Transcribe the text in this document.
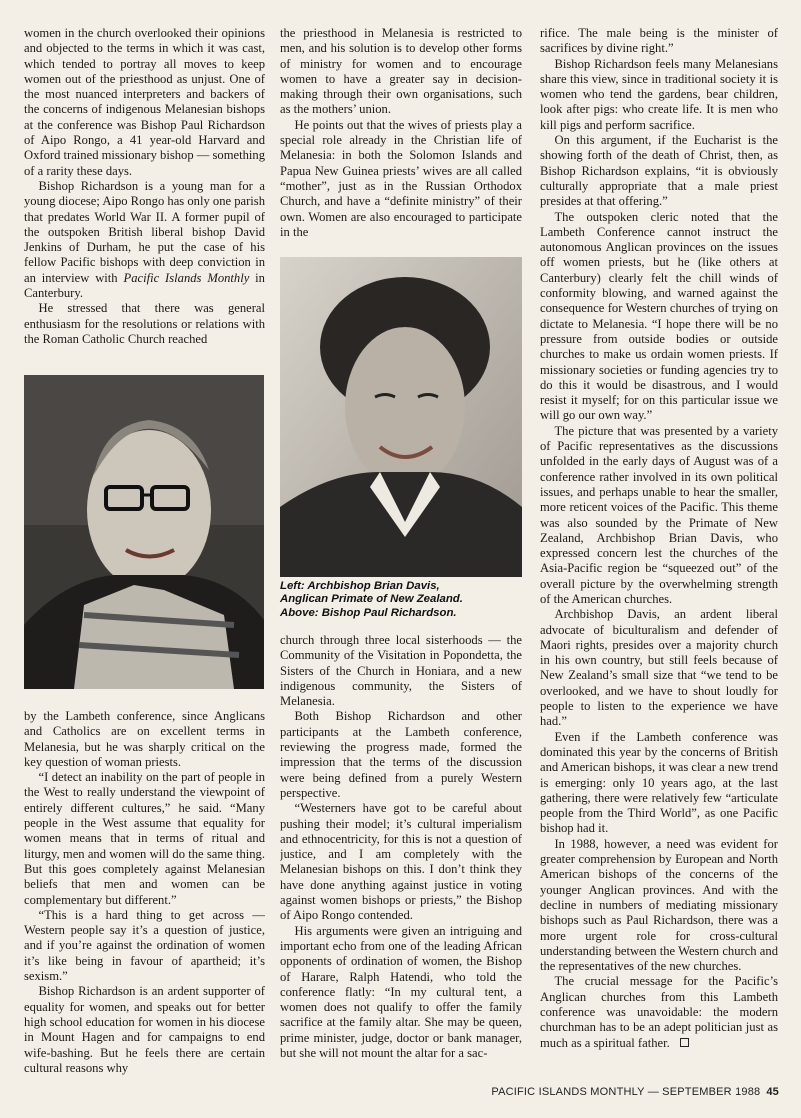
women in the church overlooked their opinions and objected to the terms in which it was cast, which tended to portray all moves to keep women out of the priesthood as unjust. One of the most nuanced interpreters and backers of the concerns of indigenous Melanesian bishops at the conference was Bishop Paul Richardson of Aipo Rongo, a 41 year-old Harvard and Oxford trained missionary bishop — something of a rarity these days.

Bishop Richardson is a young man for a young diocese; Aipo Rongo has only one parish that predates World War II. A former pupil of the outspoken British liberal bishop David Jenkins of Durham, he put the case of his fellow Pacific bishops with deep conviction in an interview with Pacific Islands Monthly in Canterbury.

He stressed that there was general enthusiasm for the resolutions or relations with the Roman Catholic Church reached

by the Lambeth conference, since Anglicans and Catholics are on excellent terms in Melanesia, but he was sharply critical on the key question of woman priests.

“I detect an inability on the part of people in the West to really understand the viewpoint of entirely different cultures,” he said. “Many people in the West assume that equality for women means that in terms of ritual and liturgy, men and women will do the same thing. But this goes completely against Melanesian beliefs that men and women can be complementary but different.”

“This is a hard thing to get across — Western people say it’s a question of justice, and if you’re against the ordination of women it’s like being in favour of apartheid; it’s sexism.”

Bishop Richardson is an ardent supporter of equality for women, and speaks out for better high school education for women in his diocese in Mount Hagen and for campaigns to end wife-bashing. But he feels there are certain cultural reasons why

the priesthood in Melanesia is restricted to men, and his solution is to develop other forms of ministry for women and to encourage women to have a greater say in decision-making through their own organisations, such as the mothers’ union.

He points out that the wives of priests play a special role already in the Christian life of Melanesia: in both the Solomon Islands and Papua New Guinea priests’ wives are all called “mother”, just as in the Russian Orthodox Church, and have a “definite ministry” of their own. Women are also encouraged to participate in the

Left: Archbishop Brian Davis,
Anglican Primate of New Zealand.
Above: Bishop Paul Richardson.

church through three local sisterhoods — the Community of the Visitation in Popondetta, the Sisters of the Church in Honiara, and a new indigenous community, the Sisters of Melanesia.

Both Bishop Richardson and other participants at the Lambeth conference, reviewing the progress made, formed the impression that the terms of the discussion were being defined from a purely Western perspective.

“Westerners have got to be careful about pushing their model; it’s cultural imperialism and ethnocentricity, for this is not a question of justice, and I am completely with the Melanesian bishops on this. I don’t think they have done anything against justice in voting against women bishops or priests,” the Bishop of Aipo Rongo contended.

His arguments were given an intriguing and important echo from one of the leading African opponents of ordination of women, the Bishop of Harare, Ralph Hatendi, who told the conference flatly: “In my cultural tent, a women does not qualify to offer the family sacrifice at the family altar. She may be queen, prime minister, judge, doctor or bank manager, but she will not mount the altar for a sac-

rifice. The male being is the minister of sacrifices by divine right.”

Bishop Richardson feels many Melanesians share this view, since in traditional society it is women who tend the gardens, bear children, look after pigs: who create life. It is men who kill pigs and perform sacrifice.

On this argument, if the Eucharist is the showing forth of the death of Christ, then, as Bishop Richardson explains, “it is obviously culturally appropriate that a male priest presides at that offering.”

The outspoken cleric noted that the Lambeth Conference cannot instruct the autonomous Anglican provinces on the issues off women priests, but he (like others at Canterbury) clearly felt the chill winds of conformity blowing, and warned against the consequence for Western churches of trying on dictate to Melanesia. “I hope there will be no pressure from outside bodies or outside churches to make us ordain women priests. If missionary societies or funding agencies try to do this it would be disastrous, and I would resist it myself; for on this particular issue we will go our own way.”

The picture that was presented by a variety of Pacific representatives as the discussions unfolded in the early days of August was of a conference rather involved in its own political issues, and perhaps unable to hear the smaller, more reticent voices of the Pacific. This theme was also sounded by the Primate of New Zealand, Archbishop Brian Davis, who expressed concern lest the churches of the Asia-Pacific region be “squeezed out” of the overall picture by the overwhelming strength of the American churches.

Archbishop Davis, an ardent liberal advocate of biculturalism and defender of Maori rights, presides over a majority church in his own country, but still feels because of New Zealand’s small size that “we tend to be overlooked, and we have to shout loudly for people to listen to the experience we have had.”

Even if the Lambeth conference was dominated this year by the concerns of British and American bishops, it was clear a new trend is emerging: only 10 years ago, at the last gathering, there were relatively few “articulate people from the Third World”, as one Pacific bishop had it.

In 1988, however, a need was evident for greater comprehension by European and North American bishops of the concerns of the younger Anglican provinces. And with the decline in numbers of mediating missionary bishops such as Paul Richardson, there was a more urgent role for cross-cultural understanding between the Western church and the representatives of the new churches.

The crucial message for the Pacific’s Anglican churches from this Lambeth conference was unavoidable: the modern churchman has to be an adept politician just as much as a spiritual father.

PACIFIC ISLANDS MONTHLY — SEPTEMBER 1988 45
